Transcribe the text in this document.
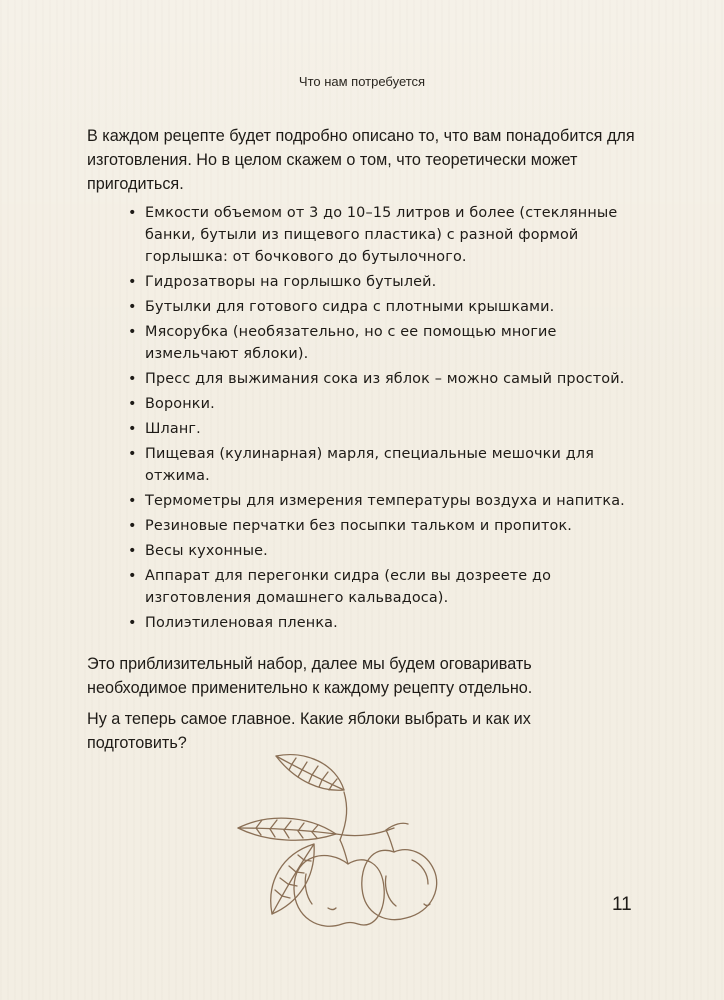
Что нам потребуется

В каждом рецепте будет подробно описано то, что вам понадобится для изготовления. Но в целом скажем о том, что теоретически может пригодиться.

• Емкости объемом от 3 до 10–15 литров и более (стеклянные банки, бутыли из пищевого пластика) с разной формой горлышка: от бочкового до бутылочного.
• Гидрозатворы на горлышко бутылей.
• Бутылки для готового сидра с плотными крышками.
• Мясорубка (необязательно, но с ее помощью многие измельчают яблоки).
• Пресс для выжимания сока из яблок – можно самый простой.
• Воронки.
• Шланг.
• Пищевая (кулинарная) марля, специальные мешочки для отжима.
• Термометры для измерения температуры воздуха и напитка.
• Резиновые перчатки без посыпки тальком и пропиток.
• Весы кухонные.
• Аппарат для перегонки сидра (если вы дозреете до изготовления домашнего кальвадоса).
• Полиэтиленовая пленка.

Это приблизительный набор, далее мы будем оговаривать необходимое применительно к каждому рецепту отдельно.

Ну а теперь самое главное. Какие яблоки выбрать и как их подготовить?

11
